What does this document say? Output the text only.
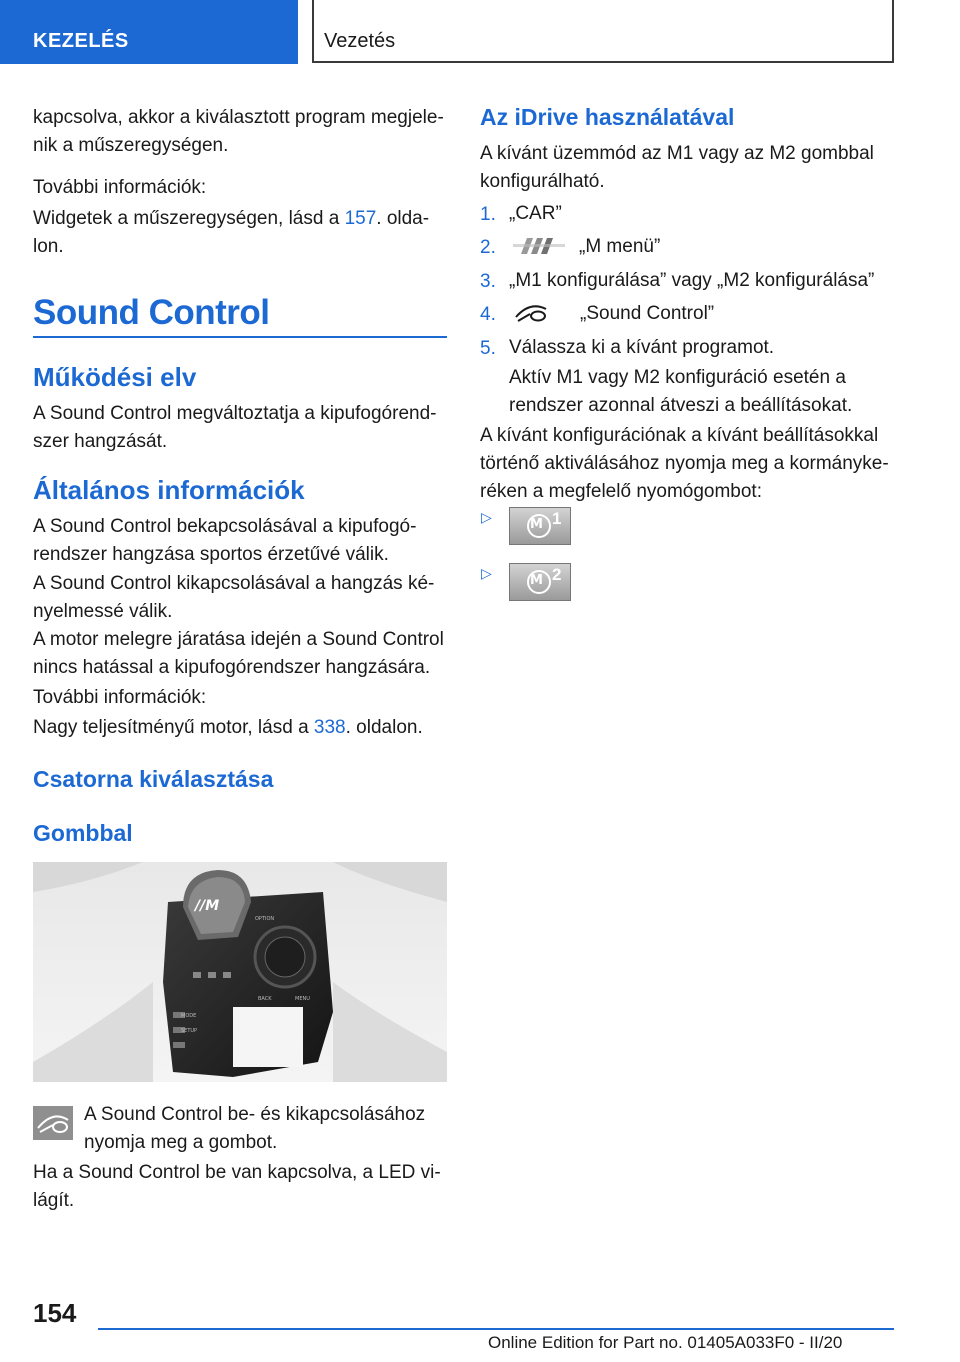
KEZELÉS	Vezetés
kapcsolva, akkor a kiválasztott program megjele-
nik a műszeregységen.
További információk:
Widgetek a műszeregységen, lásd a 157. olda-
lon.
Sound Control
Működési elv
A Sound Control megváltoztatja a kipufogórend-
szer hangzását.
Általános információk
A Sound Control bekapcsolásával a kipufogó-
rendszer hangzása sportos érzetűvé válik.
A Sound Control kikapcsolásával a hangzás ké-
nyelmessé válik.
A motor melegre járatása idején a Sound Control
nincs hatással a kipufogórendszer hangzására.
További információk:
Nagy teljesítményű motor, lásd a 338. oldalon.
Csatorna kiválasztása
Gombbal
//M
MODE
SETUP
OPTION
BACK	MENU
A Sound Control be- és kikapcsolásához
nyomja meg a gombot.
Ha a Sound Control be van kapcsolva, a LED vi-
lágít.
Az iDrive használatával
A kívánt üzemmód az M1 vagy az M2 gombbal
konfigurálható.
1. „CAR”
2.	„M menü”
3. „M1 konfigurálása” vagy „M2 konfigurálása”
4.	„Sound Control”
5. Válassza ki a kívánt programot.
Aktív M1 vagy M2 konfiguráció esetén a
rendszer azonnal átveszi a beállításokat.
A kívánt konfigurációnak a kívánt beállításokkal
történő aktiválásához nyomja meg a kormányke-
réken a megfelelő nyomógombot:
▷	M 1
▷	M 2
154
Online Edition for Part no. 01405A033F0 - II/20
